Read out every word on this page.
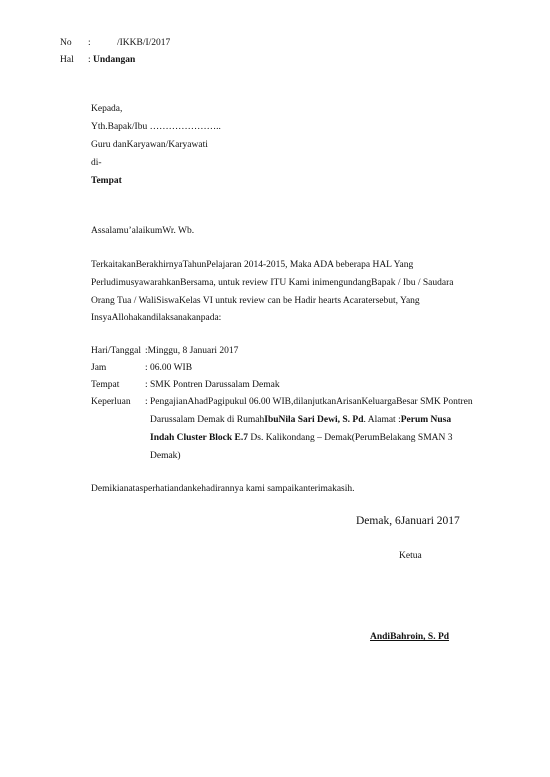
No :	/IKKB/I/2017
Hal : Undangan
Kepada,
Yth.Bapak/Ibu …………………..
Guru danKaryawan/Karyawati
di-
Tempat
Assalamu’alaikumWr. Wb.
TerkaitakanBerakhirnyaTahunPelajaran 2014-2015, Maka ADA beberapa HAL Yang
PerludimusyawarahkanBersama, untuk review ITU Kami inimengundangBapak / Ibu / Saudara
Orang Tua / WaliSiswaKelas VI untuk review can be Hadir hearts Acaratersebut, Yang
InsyaAllohakandilaksanakanpada:
Hari/Tanggal :Minggu, 8 Januari 2017
Jam	: 06.00 WIB
Tempat	: SMK Pontren Darussalam Demak
Keperluan : PengajianAhadPagipukul 06.00 WIB,dilanjutkanArisanKeluargaBesar SMK Pontren
Darussalam Demak di RumahIbuNila Sari Dewi, S. Pd. Alamat :Perum Nusa
Indah Cluster Block E.7 Ds. Kalikondang – Demak(PerumBelakang SMAN 3
Demak)
Demikianatasperhatiandankehadirannya kami sampaikanterimakasih.
Demak, 6Januari 2017
Ketua
AndiBahroin, S. Pd
